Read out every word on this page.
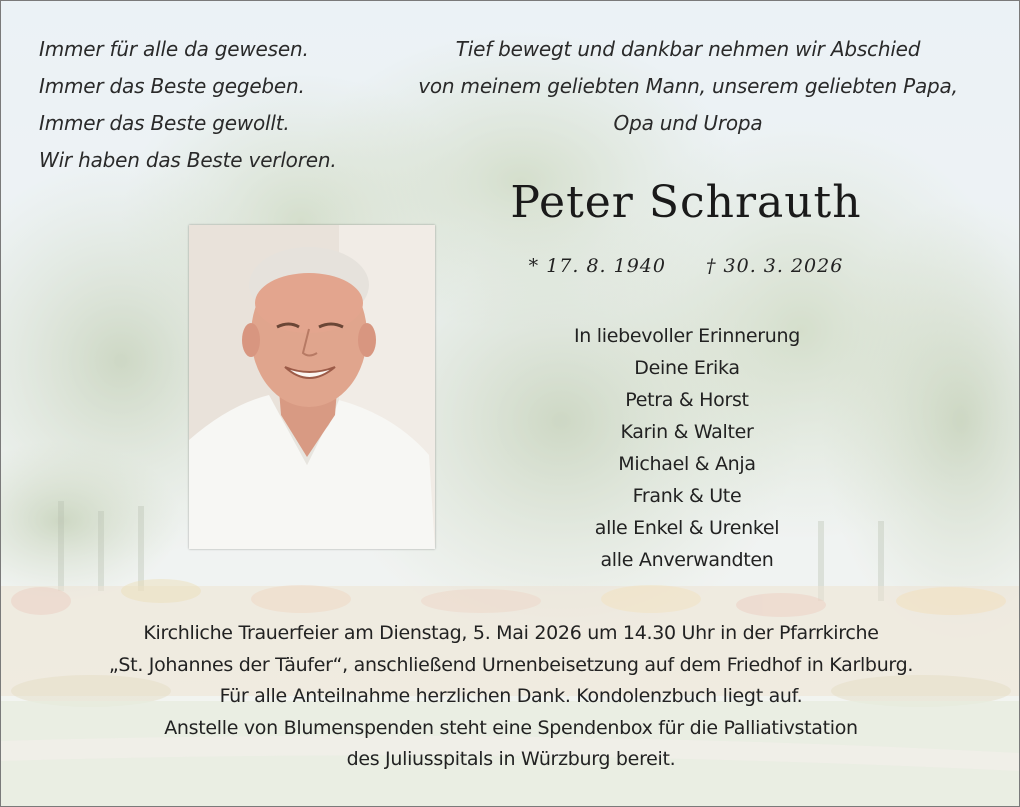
Immer für alle da gewesen.
Immer das Beste gegeben.
Immer das Beste gewollt.
Wir haben das Beste verloren.
Tief bewegt und dankbar nehmen wir Abschied
von meinem geliebten Mann, unserem geliebten Papa,
Opa und Uropa
Peter Schrauth
* 17. 8. 1940 † 30. 3. 2026
In liebevoller Erinnerung
Deine Erika
Petra & Horst
Karin & Walter
Michael & Anja
Frank & Ute
alle Enkel & Urenkel
alle Anverwandten
Kirchliche Trauerfeier am Dienstag, 5. Mai 2026 um 14.30 Uhr in der Pfarrkirche
„St. Johannes der Täufer“, anschließend Urnenbeisetzung auf dem Friedhof in Karlburg.
Für alle Anteilnahme herzlichen Dank. Kondolenzbuch liegt auf.
Anstelle von Blumenspenden steht eine Spendenbox für die Palliativstation
des Juliusspitals in Würzburg bereit.
